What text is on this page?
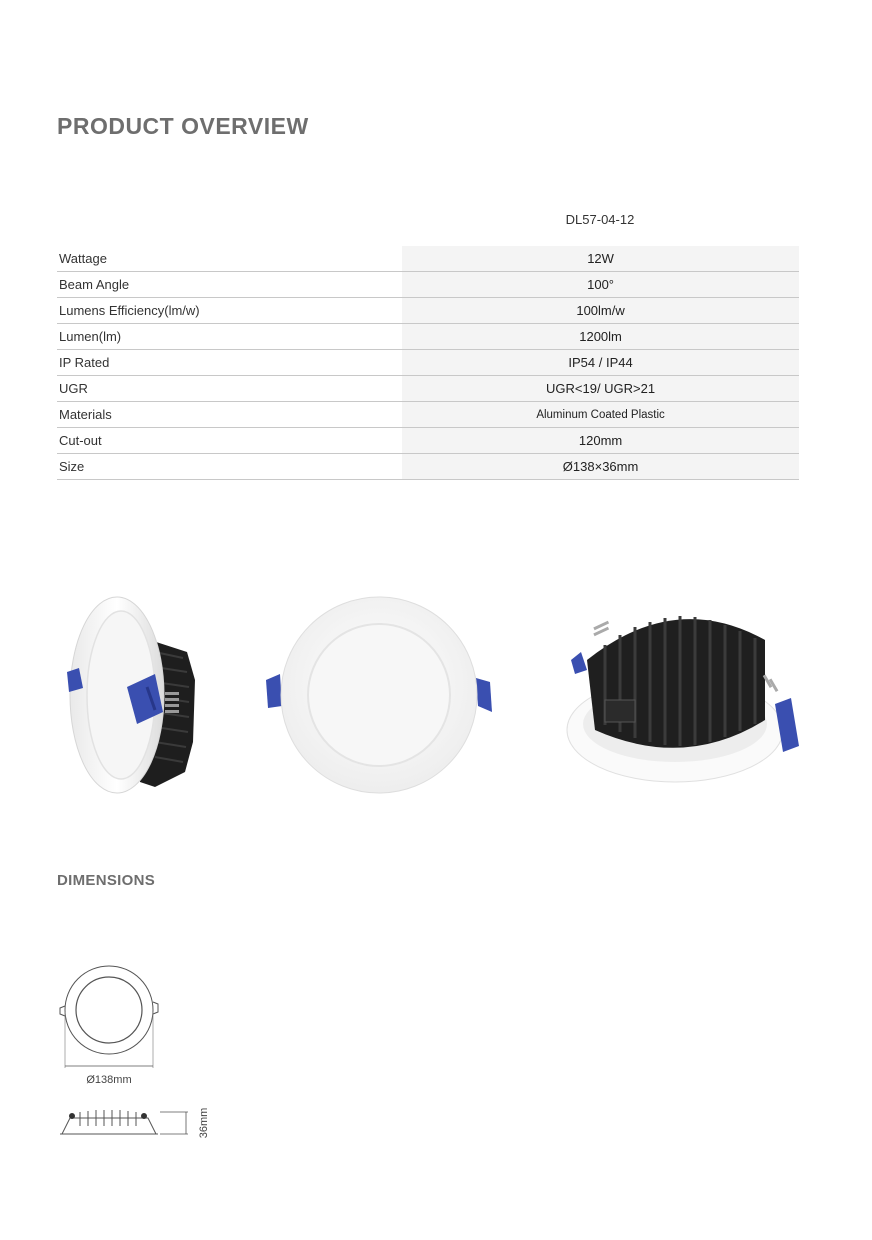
PRODUCT OVERVIEW
DL57-04-12
Wattage	12W
Beam Angle	100°
Lumens Efficiency(lm/w)	100lm/w
Lumen(lm)	1200lm
IP Rated	IP54 / IP44
UGR	UGR<19/ UGR>21
Materials	Aluminum Coated Plastic
Cut-out	120mm
Size	Ø138×36mm
DIMENSIONS
Ø138mm
36mm
